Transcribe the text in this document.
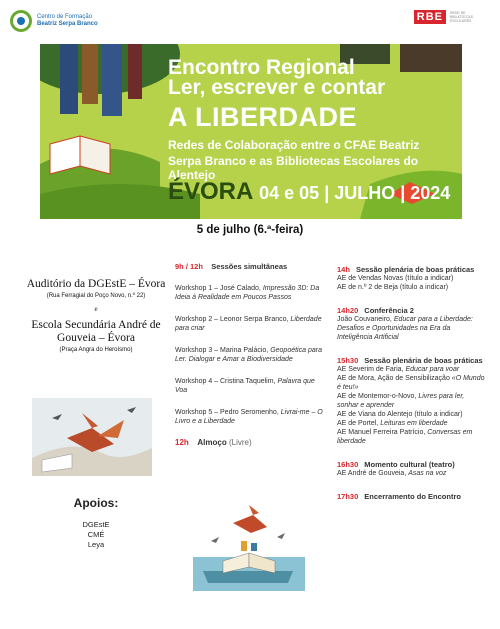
Centro de Formação
Beatriz Serpa Branco
RBE	REDE DE BIBLIOTECAS ESCOLARES
Encontro Regional
Ler, escrever e contar
A LIBERDADE
Redes de Colaboração entre o CFAE Beatriz
Serpa Branco e as Bibliotecas Escolares do Alentejo
ÉVORA 04 e 05 | JULHO | 2024
5 de julho (6.ª-feira)
Auditório da DGEstE – Évora
(Rua Ferragial do Poço Novo, n.º 22)
e
Escola Secundária André de Gouveia – Évora
(Praça Angra do Heroísmo)
Apoios:
DGEstE
CMÉ
Leya
9h / 12h Sessões simultâneas
Workshop 1 – José Calado, Impressão 3D: Da Ideia à Realidade em Poucos Passos
Workshop 2 – Leonor Serpa Branco, Liberdade para criar
Workshop 3 – Marina Palácio, Geopoética para Ler. Dialogar e Amar a Biodiversidade
Workshop 4 – Cristina Taquelim, Palavra que Voa
Workshop 5 – Pedro Seromenho, Livrai-me – O Livro e a Liberdade
12h Almoço (Livre)
14h Sessão plenária de boas práticas
AE de Vendas Novas (título a indicar)
AE de n.º 2 de Beja (título a indicar)
14h20 Conferência 2
João Couvaneiro, Educar para a Liberdade: Desafios e Oportunidades na Era da Inteligência Artificial
15h30 Sessão plenária de boas práticas
AE Severim de Faria, Educar para voar
AE de Mora, Ação de Sensibilização «O Mundo é teu!»
AE de Montemor-o-Novo, Livres para ler, sonhar e aprender
AE de Viana do Alentejo (título a indicar)
AE de Portel, Leituras em liberdade
AE Manuel Ferreira Patrício, Conversas em liberdade
16h30 Momento cultural (teatro)
AE André de Gouveia, Asas na voz
17h30 Encerramento do Encontro
